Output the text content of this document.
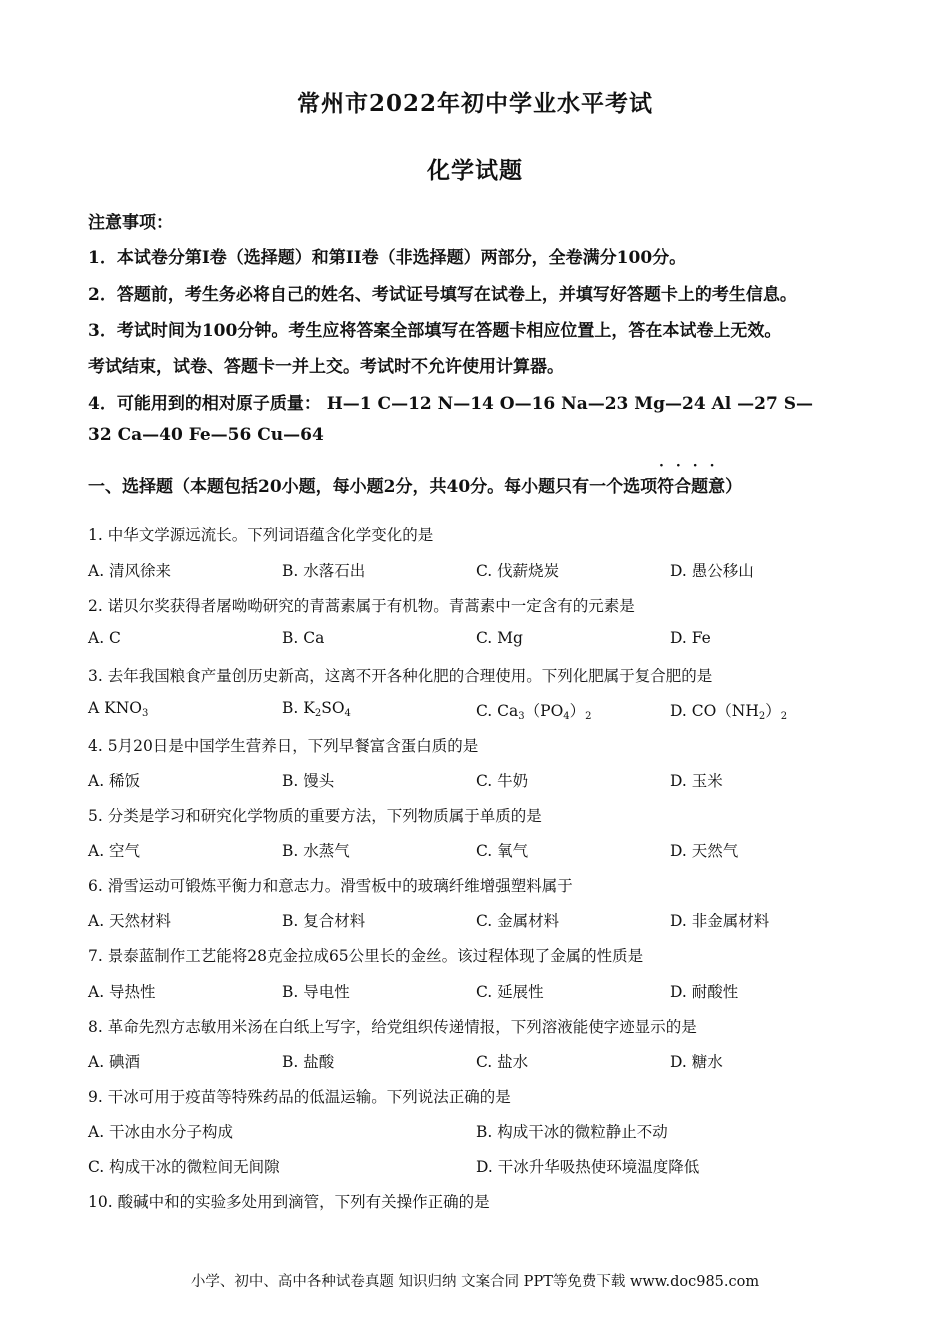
常州市2022年初中学业水平考试
化学试题
注意事项：
1．本试卷分第I卷（选择题）和第II卷（非选择题）两部分，全卷满分100分。
2．答题前，考生务必将自己的姓名、考试证号填写在试卷上，并填写好答题卡上的考生信息。
3．考试时间为100分钟。考生应将答案全部填写在答题卡相应位置上，答在本试卷上无效。
考试结束，试卷、答题卡一并上交。考试时不允许使用计算器。
4．可能用到的相对原子质量： H—1 C—12 N—14 O—16 Na—23 Mg—24 Al —27 S—
32 Ca—40 Fe—56 Cu—64
····
一、选择题（本题包括20小题，每小题2分，共40分。每小题只有一个选项符合题意）
1. 中华文学源远流长。下列词语蕴含化学变化的是
A. 清风徐来	B. 水落石出	C. 伐薪烧炭	D. 愚公移山
2. 诺贝尔奖获得者屠呦呦研究的青蒿素属于有机物。青蒿素中一定含有的元素是
A. C	B. Ca	C. Mg	D. Fe
3. 去年我国粮食产量创历史新高，这离不开各种化肥的合理使用。下列化肥属于复合肥的是
A $KNO_3$	B. $K_2SO_4$	C. $Ca_3(PO_4)_2$	D. $CO(NH_2)_2$
4. 5月20日是中国学生营养日，下列早餐富含蛋白质的是
A. 稀饭	B. 馒头	C. 牛奶	D. 玉米
5. 分类是学习和研究化学物质的重要方法，下列物质属于单质的是
A. 空气	B. 水蒸气	C. 氧气	D. 天然气
6. 滑雪运动可锻炼平衡力和意志力。滑雪板中的玻璃纤维增强塑料属于
A. 天然材料	B. 复合材料	C. 金属材料	D. 非金属材料
7. 景泰蓝制作工艺能将28克金拉成65公里长的金丝。该过程体现了金属的性质是
A. 导热性	B. 导电性	C. 延展性	D. 耐酸性
8. 革命先烈方志敏用米汤在白纸上写字，给党组织传递情报，下列溶液能使字迹显示的是
A. 碘酒	B. 盐酸	C. 盐水	D. 糖水
9. 干冰可用于疫苗等特殊药品的低温运输。下列说法正确的是
A. 干冰由水分子构成	B. 构成干冰的微粒静止不动
C. 构成干冰的微粒间无间隙	D. 干冰升华吸热使环境温度降低
10. 酸碱中和的实验多处用到滴管，下列有关操作正确的是
小学、初中、高中各种试卷真题 知识归纳 文案合同 PPT等免费下载 www.doc985.com
